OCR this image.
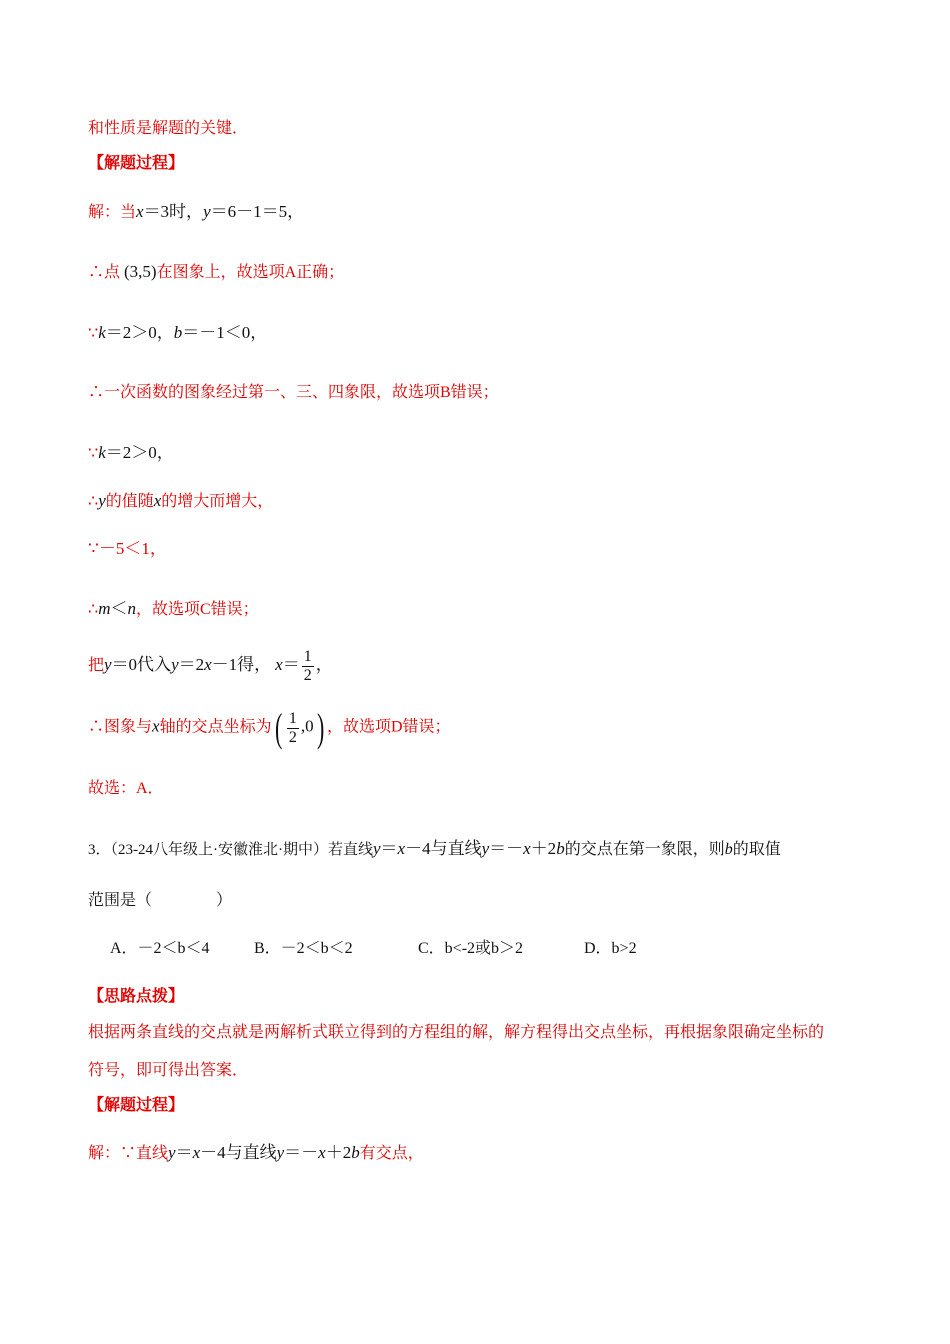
和性质是解题的关键．
【解题过程】
解：当x＝3时，y＝6－1＝5，
∴点 (3,5)在图象上，故选项A正确；
∵k＝2＞0，b＝－1＜0，
∴一次函数的图象经过第一、三、四象限，故选项B错误；
∵k＝2＞0，
∴y的值随x的增大而增大，
∵－5＜1，
∴m＜n，故选项C错误；
把y＝0代入y＝2x－1得， $x= \frac{1}{2}$ ，
∴图象与x轴的交点坐标为( $\frac{1}{2} ,0$) ，故选项D错误；
故选：A．
3．（23-24八年级上·安徽淮北·期中）若直线y＝x－4与直线y＝－x＋2b的交点在第一象限，则b的取值
范围是（　　　　）
A．－2＜b＜4	B．－2＜b＜2	C．b<-2或b＞2	D．b>2
【思路点拨】
根据两条直线的交点就是两解析式联立得到的方程组的解，解方程得出交点坐标，再根据象限确定坐标的
符号，即可得出答案．
【解题过程】
解：∵直线y＝x－4与直线y＝－x＋2b有交点，
